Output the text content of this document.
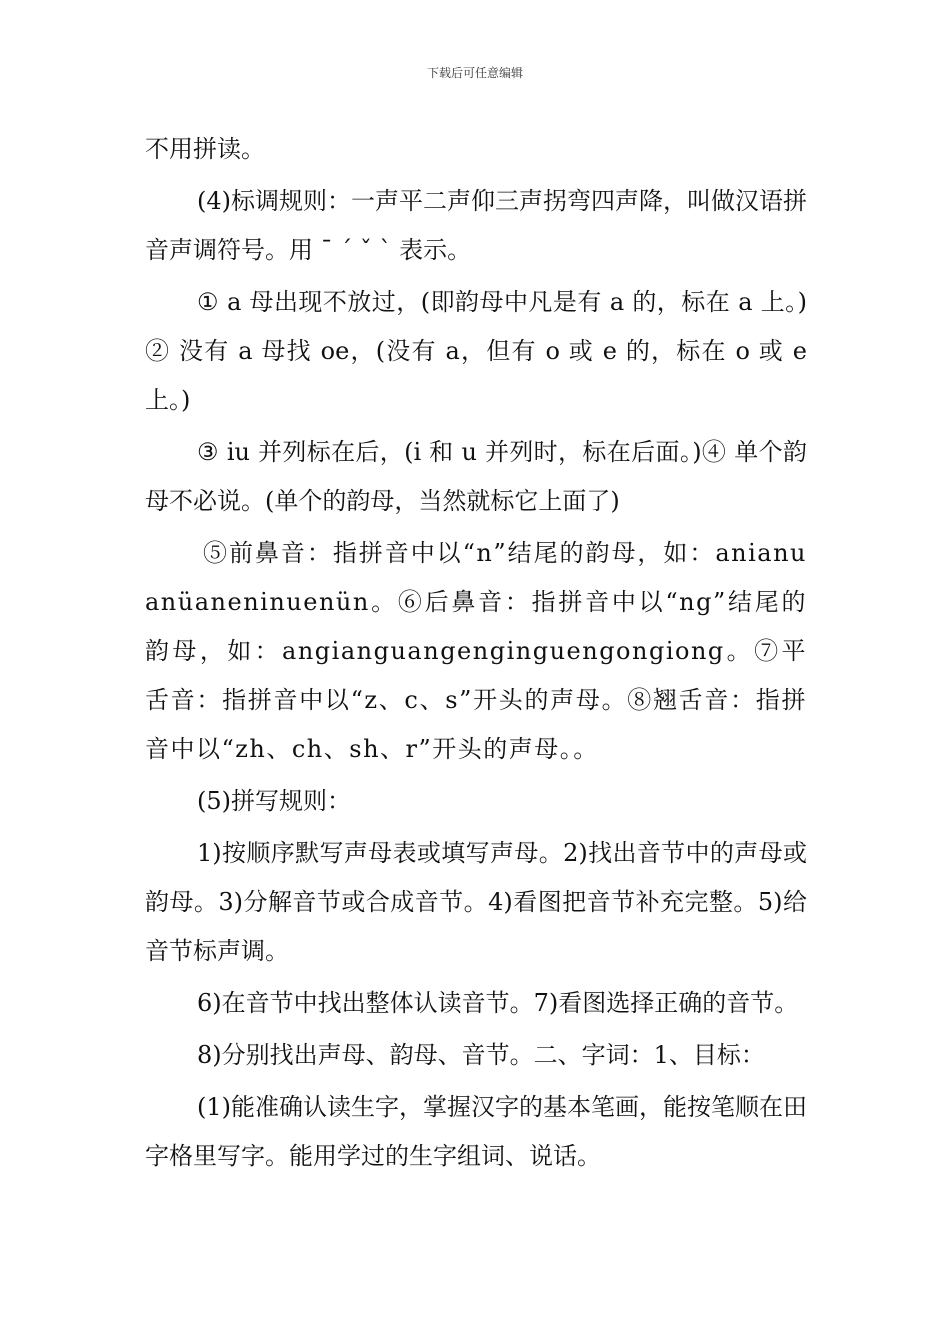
下载后可任意编辑

不用拼读。

(4)标调规则：一声平二声仰三声拐弯四声降，叫做汉语拼音声调符号。用 ˉ ˊ ˇ ˋ 表示。

① a 母出现不放过，(即韵母中凡是有 a 的，标在 a 上。)② 没有 a 母找 oe，(没有 a，但有 o 或 e 的，标在 o 或 e 上。)

③ iu 并列标在后，(i 和 u 并列时，标在后面。)④ 单个韵母不必说。(单个的韵母，当然就标它上面了)

⑤前鼻音：指拼音中以“n”结尾的韵母，如：anianuanüaneninuenün。⑥后鼻音：指拼音中以“ng”结尾的韵母，如：angianguangenginguengongiong。⑦平舌音：指拼音中以“z、c、s”开头的声母。⑧翘舌音：指拼音中以“zh、ch、sh、r”开头的声母。。

(5)拼写规则：

1)按顺序默写声母表或填写声母。2)找出音节中的声母或韵母。3)分解音节或合成音节。4)看图把音节补充完整。5)给音节标声调。

6)在音节中找出整体认读音节。7)看图选择正确的音节。

8)分别找出声母、韵母、音节。二、字词：1、目标：

(1)能准确认读生字，掌握汉字的基本笔画，能按笔顺在田字格里写字。能用学过的生字组词、说话。
